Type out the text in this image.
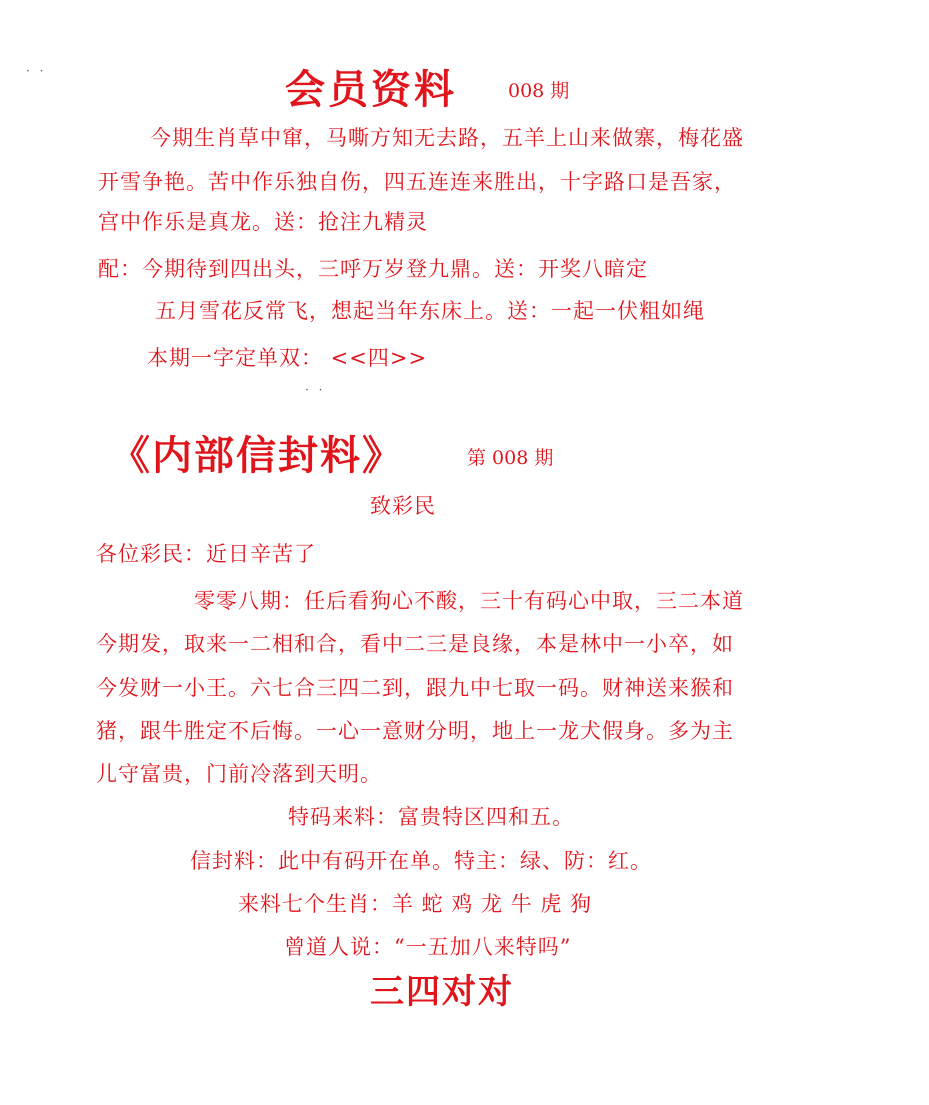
· ·	会员资料	008 期
今期生肖草中窜，马嘶方知无去路，五羊上山来做寨，梅花盛
开雪争艳。苦中作乐独自伤，四五连连来胜出，十字路口是吾家，
宫中作乐是真龙。送：抢注九精灵
配：今期待到四出头，三呼万岁登九鼎。送：开奖八暗定
五月雪花反常飞，想起当年东床上。送：一起一伏粗如绳
本期一字定单双： <<四>>
· ·
《内部信封料》	第 008 期
致彩民
各位彩民：近日辛苦了
零零八期：任后看狗心不酸，三十有码心中取，三二本道
今期发，取来一二相和合，看中二三是良缘，本是林中一小卒，如
今发财一小王。六七合三四二到，跟九中七取一码。财神送来猴和
猪，跟牛胜定不后悔。一心一意财分明，地上一龙犬假身。多为主
儿守富贵，门前冷落到天明。
特码来料：富贵特区四和五。
信封料：此中有码开在单。特主：绿、防：红。
来料七个生肖：羊 蛇 鸡 龙 牛 虎 狗
曾道人说：“一五加八来特吗”
三四对对
